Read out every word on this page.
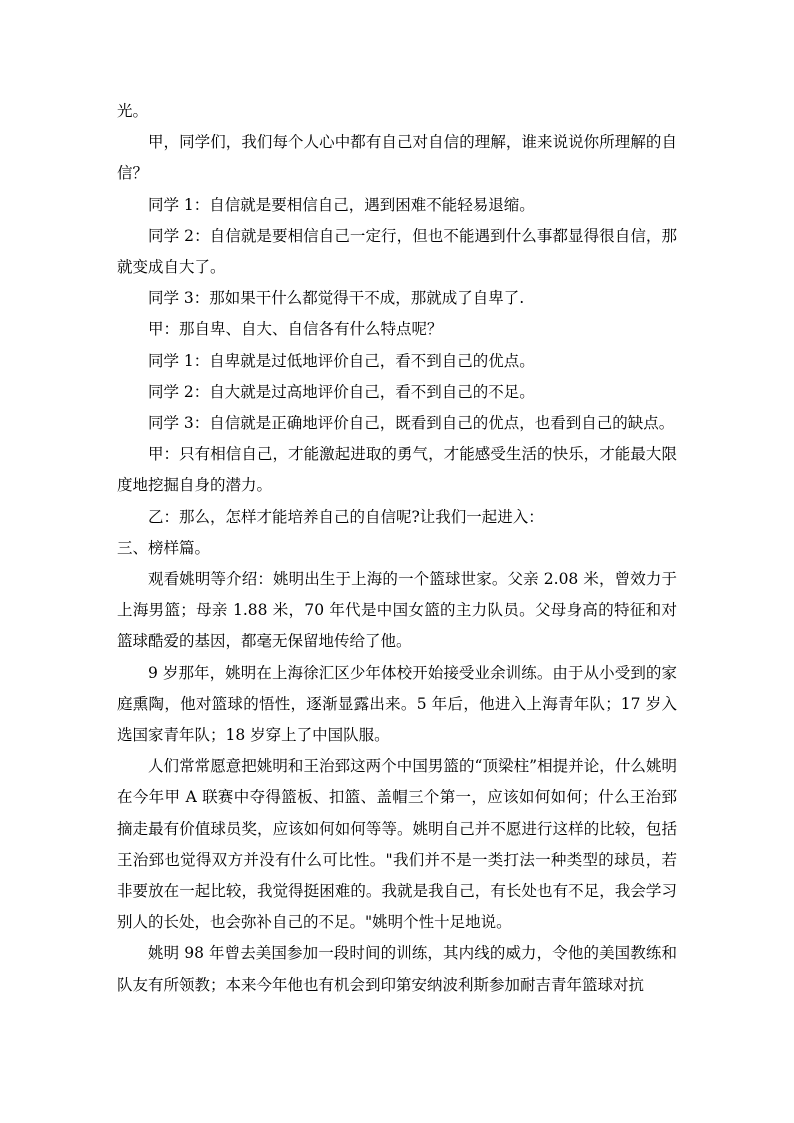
光。

甲，同学们，我们每个人心中都有自己对自信的理解，谁来说说你所理解的自信？

同学 1：自信就是要相信自己，遇到困难不能轻易退缩。

同学 2：自信就是要相信自己一定行，但也不能遇到什么事都显得很自信，那就变成自大了。

同学 3：那如果干什么都觉得干不成，那就成了自卑了.

甲：那自卑、自大、自信各有什么特点呢？

同学 1：自卑就是过低地评价自己，看不到自己的优点。

同学 2：自大就是过高地评价自己，看不到自己的不足。

同学 3：自信就是正确地评价自己，既看到自己的优点，也看到自己的缺点。

甲：只有相信自己，才能激起进取的勇气，才能感受生活的快乐，才能最大限度地挖掘自身的潜力。

乙：那么，怎样才能培养自己的自信呢?让我们一起进入：

三、榜样篇。

观看姚明等介绍：姚明出生于上海的一个篮球世家。父亲 2.08 米，曾效力于上海男篮；母亲 1.88 米，70 年代是中国女篮的主力队员。父母身高的特征和对篮球酷爱的基因，都毫无保留地传给了他。

9 岁那年，姚明在上海徐汇区少年体校开始接受业余训练。由于从小受到的家庭熏陶，他对篮球的悟性，逐渐显露出来。5 年后，他进入上海青年队；17 岁入选国家青年队；18 岁穿上了中国队服。

人们常常愿意把姚明和王治郅这两个中国男篮的“顶梁柱”相提并论，什么姚明在今年甲 A 联赛中夺得篮板、扣篮、盖帽三个第一，应该如何如何；什么王治郅摘走最有价值球员奖，应该如何如何等等。姚明自己并不愿进行这样的比较，包括王治郅也觉得双方并没有什么可比性。"我们并不是一类打法一种类型的球员，若非要放在一起比较，我觉得挺困难的。我就是我自己，有长处也有不足，我会学习别人的长处，也会弥补自己的不足。"姚明个性十足地说。

姚明 98 年曾去美国参加一段时间的训练，其内线的威力，令他的美国教练和队友有所领教；本来今年他也有机会到印第安纳波利斯参加耐吉青年篮球对抗
